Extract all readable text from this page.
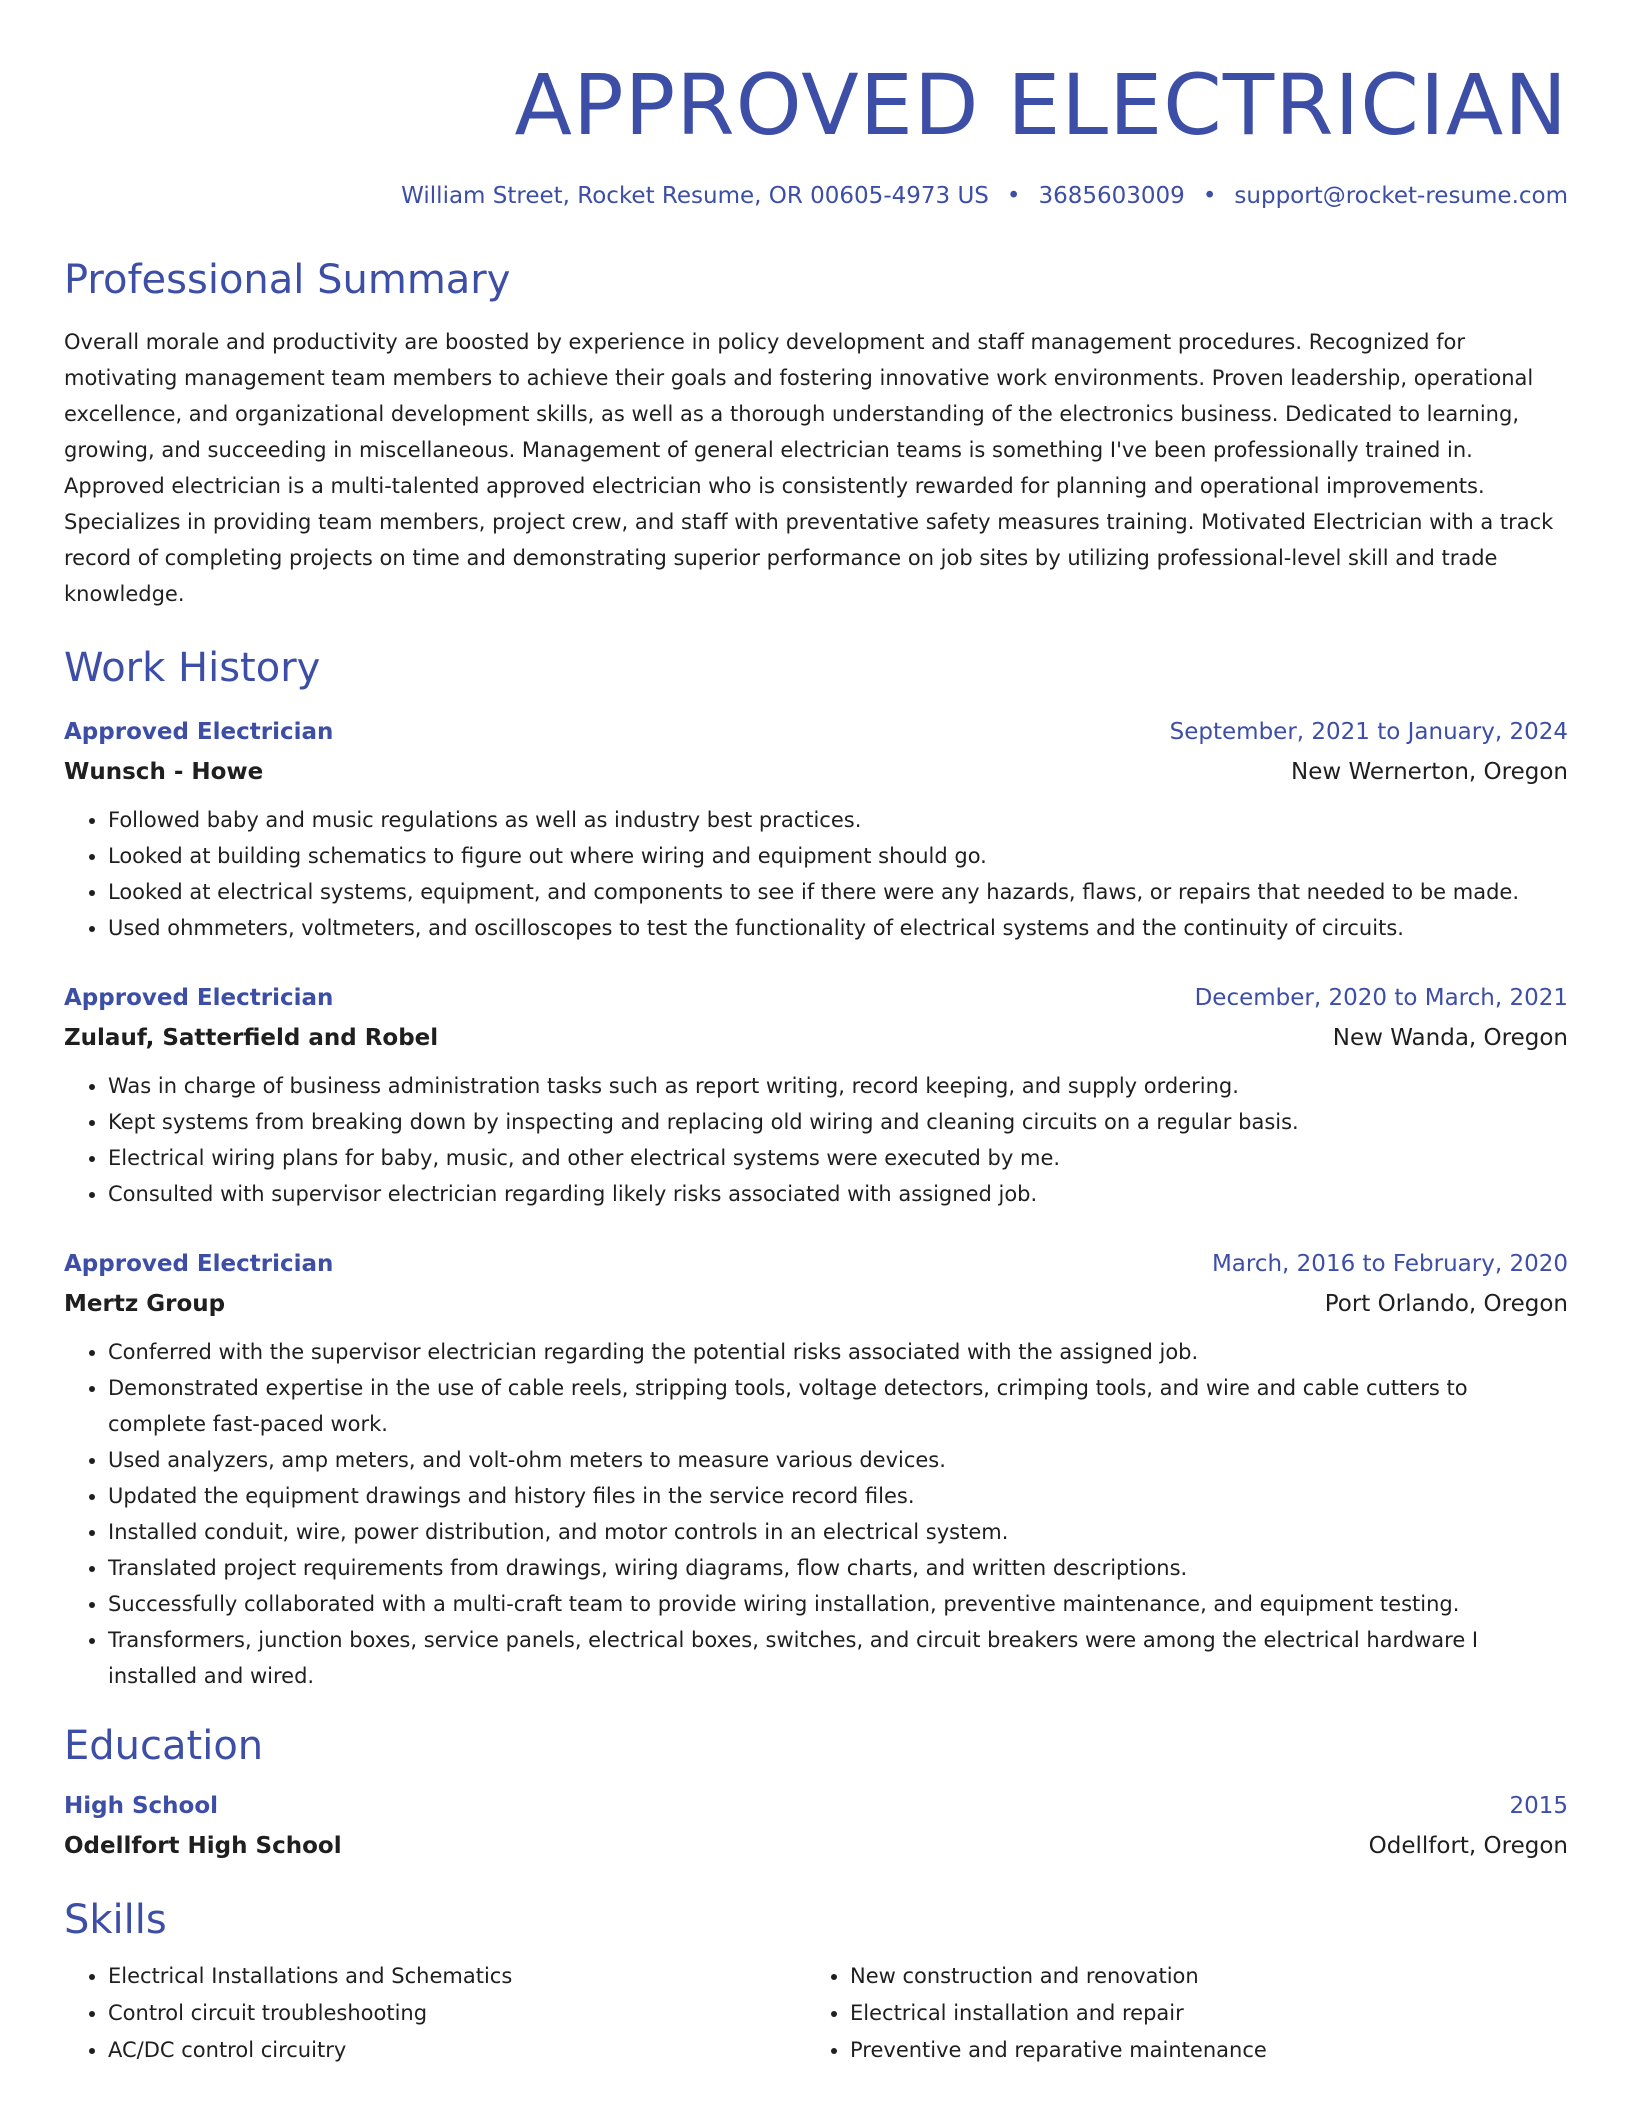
APPROVED ELECTRICIAN
William Street, Rocket Resume, OR 00605-4973 US • 3685603009 • support@rocket-resume.com
Professional Summary
Overall morale and productivity are boosted by experience in policy development and staff management procedures. Recognized for motivating management team members to achieve their goals and fostering innovative work environments. Proven leadership, operational excellence, and organizational development skills, as well as a thorough understanding of the electronics business. Dedicated to learning, growing, and succeeding in miscellaneous. Management of general electrician teams is something I've been professionally trained in. Approved electrician is a multi-talented approved electrician who is consistently rewarded for planning and operational improvements. Specializes in providing team members, project crew, and staff with preventative safety measures training. Motivated Electrician with a track record of completing projects on time and demonstrating superior performance on job sites by utilizing professional-level skill and trade knowledge.
Work History
Approved Electrician	September, 2021 to January, 2024
Wunsch - Howe	New Wernerton, Oregon
• Followed baby and music regulations as well as industry best practices.
• Looked at building schematics to figure out where wiring and equipment should go.
• Looked at electrical systems, equipment, and components to see if there were any hazards, flaws, or repairs that needed to be made.
• Used ohmmeters, voltmeters, and oscilloscopes to test the functionality of electrical systems and the continuity of circuits.
Approved Electrician	December, 2020 to March, 2021
Zulauf, Satterfield and Robel	New Wanda, Oregon
• Was in charge of business administration tasks such as report writing, record keeping, and supply ordering.
• Kept systems from breaking down by inspecting and replacing old wiring and cleaning circuits on a regular basis.
• Electrical wiring plans for baby, music, and other electrical systems were executed by me.
• Consulted with supervisor electrician regarding likely risks associated with assigned job.
Approved Electrician	March, 2016 to February, 2020
Mertz Group	Port Orlando, Oregon
• Conferred with the supervisor electrician regarding the potential risks associated with the assigned job.
• Demonstrated expertise in the use of cable reels, stripping tools, voltage detectors, crimping tools, and wire and cable cutters to complete fast-paced work.
• Used analyzers, amp meters, and volt-ohm meters to measure various devices.
• Updated the equipment drawings and history files in the service record files.
• Installed conduit, wire, power distribution, and motor controls in an electrical system.
• Translated project requirements from drawings, wiring diagrams, flow charts, and written descriptions.
• Successfully collaborated with a multi-craft team to provide wiring installation, preventive maintenance, and equipment testing.
• Transformers, junction boxes, service panels, electrical boxes, switches, and circuit breakers were among the electrical hardware I installed and wired.
Education
High School	2015
Odellfort High School	Odellfort, Oregon
Skills
• Electrical Installations and Schematics
• Control circuit troubleshooting
• AC/DC control circuitry
• New construction and renovation
• Electrical installation and repair
• Preventive and reparative maintenance
